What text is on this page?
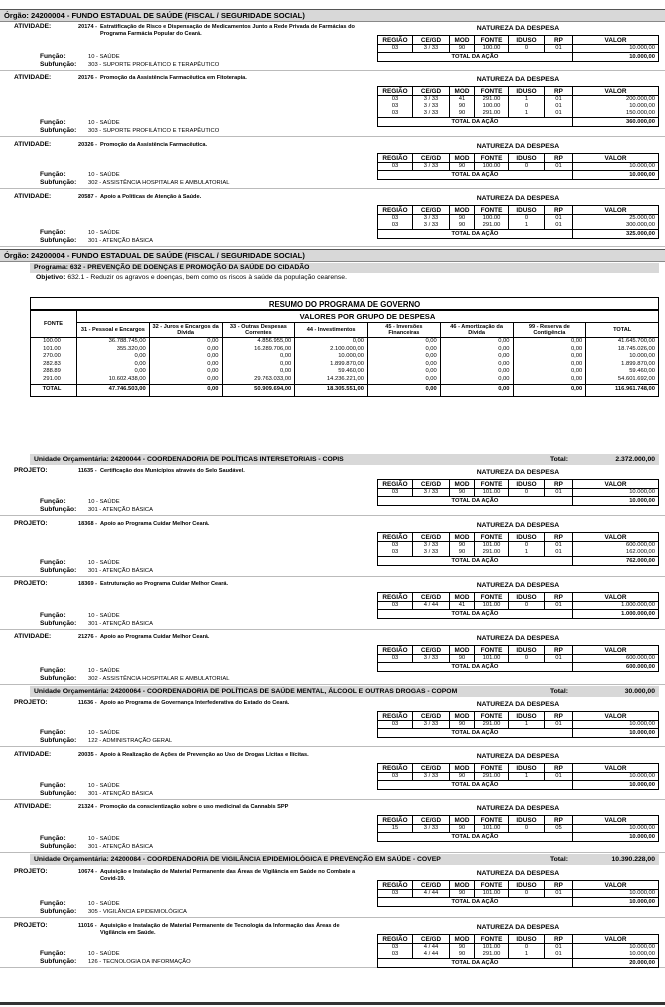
Órgão: 24200004 - FUNDO ESTADUAL DE SAÚDE (FISCAL / SEGURIDADE SOCIAL)
ATIVIDADE:	20174 - Estratificação de Risco e Dispensação de Medicamentos Junto a Rede Privada de Farmácias do Programa Farmácia Popular do Ceará.
NATUREZA DA DESPESA
REGIÃO	CE/GD	MOD	FONTE	IDUSO	RP	VALOR
03	3 / 33	90	100.00	0	01	10.000,00
TOTAL DA AÇÃO						10.000,00
Função:	10 - SAÚDE
Subfunção: 303 - SUPORTE PROFILÁTICO E TERAPÊUTICO
ATIVIDADE:	20176 - Promoção da Assistência Farmacêutica em Fitoterapia.	NATUREZA DA DESPESA
REGIÃO	CE/GD	MOD	FONTE	IDUSO	RP	VALOR
03	3 / 33	41	291.00	1	01	200.000,00
03	3 / 33	90	100.00	0	01	10.000,00
03	3 / 33	90	291.00	1	01	150.000,00
TOTAL DA AÇÃO						360.000,00
Função:	10 - SAÚDE
Subfunção: 303 - SUPORTE PROFILÁTICO E TERAPÊUTICO
ATIVIDADE:	20326 - Promoção da Assistência Farmacêutica.	NATUREZA DA DESPESA
REGIÃO	CE/GD	MOD	FONTE	IDUSO	RP	VALOR
03	3 / 33	90	100.00	0	01	10.000,00
TOTAL DA AÇÃO						10.000,00
Função:	10 - SAÚDE
Subfunção: 302 - ASSISTÊNCIA HOSPITALAR E AMBULATORIAL
ATIVIDADE:	20587 - Apoio a Políticas de Atenção à Saúde.	NATUREZA DA DESPESA
REGIÃO	CE/GD	MOD	FONTE	IDUSO	RP	VALOR
03	3 / 33	90	100.00	0	01	25.000,00
03	3 / 33	90	291.00	1	01	300.000,00
TOTAL DA AÇÃO						325.000,00
Função:	10 - SAÚDE
Subfunção: 301 - ATENÇÃO BÁSICA
Órgão: 24200004 - FUNDO ESTADUAL DE SAÚDE (FISCAL / SEGURIDADE SOCIAL)
Programa: 632 - PREVENÇÃO DE DOENÇAS E PROMOÇÃO DA SAÚDE DO CIDADÃO
Objetivo: 632.1 - Reduzir os agravos e doenças, bem como os riscos à saúde da população cearense.
RESUMO DO PROGRAMA DE GOVERNO
FONTE	VALORES POR GRUPO DE DESPESA							
	31 - Pessoal e Encargos	32 - Juros e Encargos da Dívida	33 - Outras Despesas Correntes	44 - Investimentos	45 - Inversões Financeiras	46 - Amortização da Dívida	99 - Reserva de Contigência	TOTAL
100.00	36.788.745,00	0,00	4.856.955,00	0,00	0,00	0,00	0,00	41.645.700,00
101.00	355.320,00	0,00	16.289.706,00	2.100.000,00	0,00	0,00	0,00	18.745.026,00
270.00	0,00	0,00	0,00	10.000,00	0,00	0,00	0,00	10.000,00
282.83	0,00	0,00	0,00	1.899.870,00	0,00	0,00	0,00	1.899.870,00
288.89	0,00	0,00	0,00	59.460,00	0,00	0,00	0,00	59.460,00
291.00	10.602.438,00	0,00	29.763.033,00	14.236.221,00	0,00	0,00	0,00	54.601.692,00
TOTAL	47.746.503,00	0,00	50.909.694,00	18.305.551,00	0,00	0,00	0,00	116.961.748,00
Unidade Orçamentária: 24200044 - COORDENADORIA DE POLÍTICAS INTERSETORIAIS - COPIS	Total:	2.372.000,00
Unidade Orçamentária: 24200064 - COORDENADORIA DE POLÍTICAS DE SAÚDE MENTAL, ÁLCOOL E OUTRAS DROGAS - COPOM	Total:	30.000,00
Unidade Orçamentária: 24200084 - COORDENADORIA DE VIGILÂNCIA EPIDEMIOLÓGICA E PREVENÇÃO EM SAÚDE - COVEP	Total:	10.390.228,00
PROJETO:	11635 - Certificação dos Municípios através do Selo Saudável.	NATUREZA DA DESPESA
REGIÃO	CE/GD	MOD	FONTE	IDUSO	RP	VALOR
03	3 / 33	90	101.00	0	01	10.000,00
TOTAL DA AÇÃO						10.000,00
Função:	10 - SAÚDE
Subfunção: 301 - ATENÇÃO BÁSICA
PROJETO:	18368 - Apoio ao Programa Cuidar Melhor Ceará.	NATUREZA DA DESPESA
REGIÃO	CE/GD	MOD	FONTE	IDUSO	RP	VALOR
03	3 / 33	90	101.00	0	01	600.000,00
03	3 / 33	90	291.00	1	01	162.000,00
TOTAL DA AÇÃO						762.000,00
Função:	10 - SAÚDE
Subfunção: 301 - ATENÇÃO BÁSICA
PROJETO:	18369 - Estruturação ao Programa Cuidar Melhor Ceará.	NATUREZA DA DESPESA
REGIÃO	CE/GD	MOD	FONTE	IDUSO	RP	VALOR
03	4 / 44	41	101.00	0	01	1.000.000,00
TOTAL DA AÇÃO						1.000.000,00
Função:	10 - SAÚDE
Subfunção: 301 - ATENÇÃO BÁSICA
ATIVIDADE:	21276 - Apoio ao Programa Cuidar Melhor Ceará.	NATUREZA DA DESPESA
REGIÃO	CE/GD	MOD	FONTE	IDUSO	RP	VALOR
03	3 / 33	90	101.00	0	01	600.000,00
TOTAL DA AÇÃO						600.000,00
Função:	10 - SAÚDE
Subfunção: 302 - ASSISTÊNCIA HOSPITALAR E AMBULATORIAL
PROJETO:	11636 - Apoio ao Programa de Governança Interfederativa do Estado do Ceará.	NATUREZA DA DESPESA
REGIÃO	CE/GD	MOD	FONTE	IDUSO	RP	VALOR
03	3 / 33	90	291.00	1	01	10.000,00
TOTAL DA AÇÃO						10.000,00
Função:	10 - SAÚDE
Subfunção: 122 - ADMINISTRAÇÃO GERAL
ATIVIDADE:	20035 - Apoio à Realização de Ações de Prevenção ao Uso de Drogas Lícitas e Ilícitas.	NATUREZA DA DESPESA
REGIÃO	CE/GD	MOD	FONTE	IDUSO	RP	VALOR
03	3 / 33	90	291.00	1	01	10.000,00
TOTAL DA AÇÃO						10.000,00
Função:	10 - SAÚDE
Subfunção: 301 - ATENÇÃO BÁSICA
ATIVIDADE:	21324 - Promoção da conscientização sobre o uso medicinal da Cannabis SPP	NATUREZA DA DESPESA
REGIÃO	CE/GD	MOD	FONTE	IDUSO	RP	VALOR
15	3 / 33	90	101.00	0	05	10.000,00
TOTAL DA AÇÃO						10.000,00
Função:	10 - SAÚDE
Subfunção: 301 - ATENÇÃO BÁSICA
PROJETO:	10674 - Aquisição e Instalação de Material Permanente das Áreas de Vigilância em Saúde no Combate a Covid-19.
NATUREZA DA DESPESA
REGIÃO	CE/GD	MOD	FONTE	IDUSO	RP	VALOR
03	4 / 44	90	101.00	0	01	10.000,00
TOTAL DA AÇÃO						10.000,00
Função:	10 - SAÚDE
Subfunção: 305 - VIGILÂNCIA EPIDEMIOLÓGICA
PROJETO:	11016 - Aquisição e Instalação de Material Permanente de Tecnologia da Informação das Áreas de Vigilância em Saúde.
NATUREZA DA DESPESA
REGIÃO	CE/GD	MOD	FONTE	IDUSO	RP	VALOR
03	4 / 44	90	101.00	0	01	10.000,00
03	4 / 44	90	291.00	1	01	10.000,00
TOTAL DA AÇÃO						20.000,00
Função:	10 - SAÚDE
Subfunção: 126 - TECNOLOGIA DA INFORMAÇÃO
